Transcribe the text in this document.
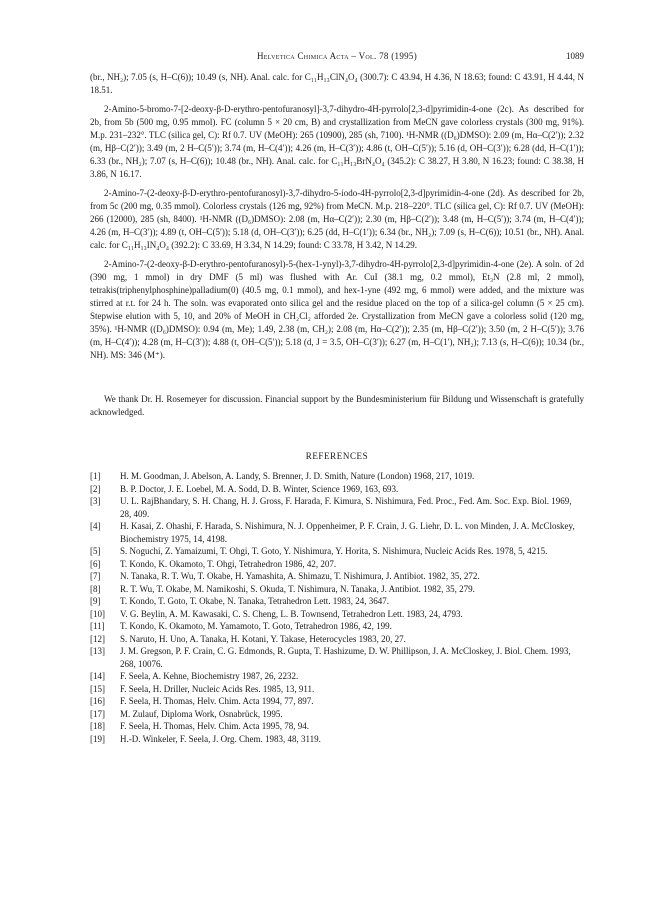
Helvetica Chimica Acta – Vol. 78 (1995)	1089

(br., NH₂); 7.05 (s, H–C(6)); 10.49 (s, NH). Anal. calc. for C₁₁H₁₃ClN₄O₄ (300.7): C 43.94, H 4.36, N 18.63; found: C 43.91, H 4.44, N 18.51.

2-Amino-5-bromo-7-[2-deoxy-β-D-erythro-pentofuranosyl]-3,7-dihydro-4H-pyrrolo[2,3-d]pyrimidin-4-one (2c). As described for 2b, from 5b (500 mg, 0.95 mmol). FC (column 5 × 20 cm, B) and crystallization from MeCN gave colorless crystals (300 mg, 91%). M.p. 231–232°. TLC (silica gel, C): Rf 0.7. UV (MeOH): 265 (10900), 285 (sh, 7100). ¹H-NMR ((D₆)DMSO): 2.09 (m, Hα–C(2′)); 2.32 (m, Hβ–C(2′)); 3.49 (m, 2 H–C(5′)); 3.74 (m, H–C(4′)); 4.26 (m, H–C(3′)); 4.86 (t, OH–C(5′)); 5.16 (d, OH–C(3′)); 6.28 (dd, H–C(1′)); 6.33 (br., NH₂); 7.07 (s, H–C(6)); 10.48 (br., NH). Anal. calc. for C₁₁H₁₃BrN₄O₄ (345.2): C 38.27, H 3.80, N 16.23; found: C 38.38, H 3.86, N 16.17.

2-Amino-7-(2-deoxy-β-D-erythro-pentofuranosyl)-3,7-dihydro-5-iodo-4H-pyrrolo[2,3-d]pyrimidin-4-one (2d). As described for 2b, from 5c (200 mg, 0.35 mmol). Colorless crystals (126 mg, 92%) from MeCN. M.p. 218–220°. TLC (silica gel, C): Rf 0.7. UV (MeOH): 266 (12000), 285 (sh, 8400). ¹H-NMR ((D₆)DMSO): 2.08 (m, Hα–C(2′)); 2.30 (m, Hβ–C(2′)); 3.48 (m, H–C(5′)); 3.74 (m, H–C(4′)); 4.26 (m, H–C(3′)); 4.89 (t, OH–C(5′)); 5.18 (d, OH–C(3′)); 6.25 (dd, H–C(1′)); 6.34 (br., NH₂); 7.09 (s, H–C(6)); 10.51 (br., NH). Anal. calc. for C₁₁H₁₃IN₄O₄ (392.2): C 33.69, H 3.34, N 14.29; found: C 33.78, H 3.42, N 14.29.

2-Amino-7-(2-deoxy-β-D-erythro-pentofuranosyl)-5-(hex-1-ynyl)-3,7-dihydro-4H-pyrrolo[2,3-d]pyrimidin-4-one (2e). A soln. of 2d (390 mg, 1 mmol) in dry DMF (5 ml) was flushed with Ar. CuI (38.1 mg, 0.2 mmol), Et₃N (2.8 ml, 2 mmol), tetrakis(triphenylphosphine)palladium(0) (40.5 mg, 0.1 mmol), and hex-1-yne (492 mg, 6 mmol) were added, and the mixture was stirred at r.t. for 24 h. The soln. was evaporated onto silica gel and the residue placed on the top of a silica-gel column (5 × 25 cm). Stepwise elution with 5, 10, and 20% of MeOH in CH₂Cl₂ afforded 2e. Crystallization from MeCN gave a colorless solid (120 mg, 35%). ¹H-NMR ((D₆)DMSO): 0.94 (m, Me); 1.49, 2.38 (m, CH₂); 2.08 (m, Hα–C(2′)); 2.35 (m, Hβ–C(2′)); 3.50 (m, 2 H–C(5′)); 3.76 (m, H–C(4′)); 4.28 (m, H–C(3′)); 4.88 (t, OH–C(5′)); 5.18 (d, J = 3.5, OH–C(3′)); 6.27 (m, H–C(1′), NH₂); 7.13 (s, H–C(6)); 10.34 (br., NH). MS: 346 (M⁺).

We thank Dr. H. Rosemeyer for discussion. Financial support by the Bundesministerium für Bildung und Wissenschaft is gratefully acknowledged.

REFERENCES
[1]	H. M. Goodman, J. Abelson, A. Landy, S. Brenner, J. D. Smith, Nature (London) 1968, 217, 1019.
[2]	B. P. Doctor, J. E. Loebel, M. A. Sodd, D. B. Winter, Science 1969, 163, 693.
[3]	U. L. RajBhandary, S. H. Chang, H. J. Gross, F. Harada, F. Kimura, S. Nishimura, Fed. Proc., Fed. Am. Soc. Exp. Biol. 1969, 28, 409.
[4]	H. Kasai, Z. Ohashi, F. Harada, S. Nishimura, N. J. Oppenheimer, P. F. Crain, J. G. Liehr, D. L. von Minden, J. A. McCloskey, Biochemistry 1975, 14, 4198.
[5]	S. Noguchi, Z. Yamaizumi, T. Ohgi, T. Goto, Y. Nishimura, Y. Horita, S. Nishimura, Nucleic Acids Res. 1978, 5, 4215.
[6]	T. Kondo, K. Okamoto, T. Ohgi, Tetrahedron 1986, 42, 207.
[7]	N. Tanaka, R. T. Wu, T. Okabe, H. Yamashita, A. Shimazu, T. Nishimura, J. Antibiot. 1982, 35, 272.
[8]	R. T. Wu, T. Okabe, M. Namikoshi, S. Okuda, T. Nishimura, N. Tanaka, J. Antibiot. 1982, 35, 279.
[9]	T. Kondo, T. Goto, T. Okabe, N. Tanaka, Tetrahedron Lett. 1983, 24, 3647.
[10]	V. G. Beylin, A. M. Kawasaki, C. S. Cheng, L. B. Townsend, Tetrahedron Lett. 1983, 24, 4793.
[11]	T. Kondo, K. Okamoto, M. Yamamoto, T. Goto, Tetrahedron 1986, 42, 199.
[12]	S. Naruto, H. Uno, A. Tanaka, H. Kotani, Y. Takase, Heterocycles 1983, 20, 27.
[13]	J. M. Gregson, P. F. Crain, C. G. Edmonds, R. Gupta, T. Hashizume, D. W. Phillipson, J. A. McCloskey, J. Biol. Chem. 1993, 268, 10076.
[14]	F. Seela, A. Kehne, Biochemistry 1987, 26, 2232.
[15]	F. Seela, H. Driller, Nucleic Acids Res. 1985, 13, 911.
[16]	F. Seela, H. Thomas, Helv. Chim. Acta 1994, 77, 897.
[17]	M. Zulauf, Diploma Work, Osnabrück, 1995.
[18]	F. Seela, H. Thomas, Helv. Chim. Acta 1995, 78, 94.
[19]	H.-D. Winkeler, F. Seela, J. Org. Chem. 1983, 48, 3119.
